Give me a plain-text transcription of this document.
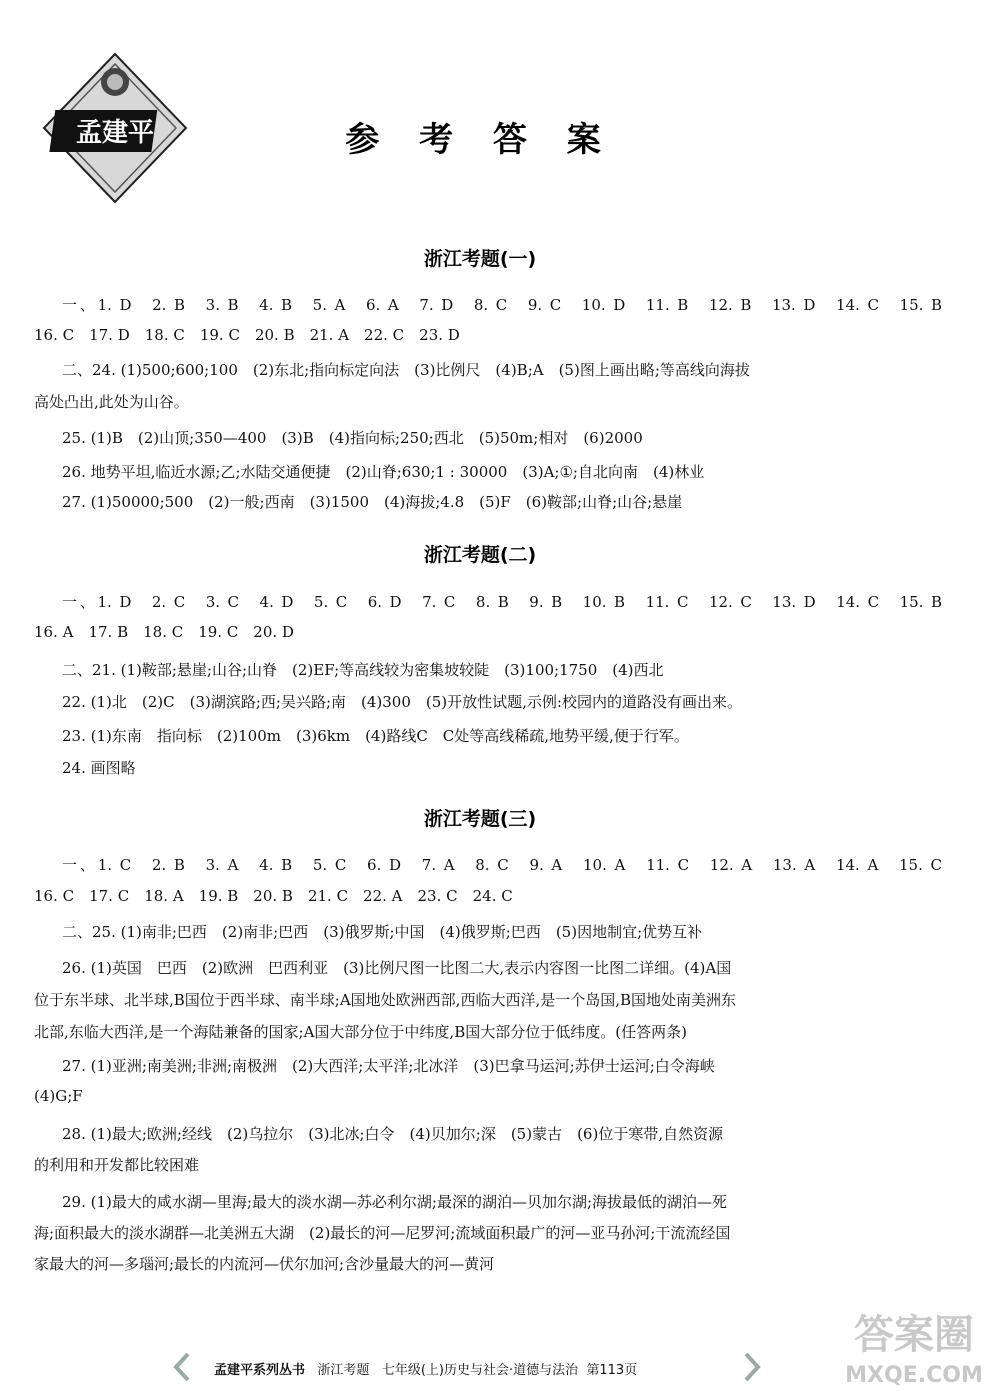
孟建平	参 考 答 案
浙江考题(一)
一、1. D　2. B　3. B　4. B　5. A　6. A　7. D　8. C　9. C　10. D　11. B　12. B　13. D　14. C　15. B
16. C　17. D　18. C　19. C　20. B　21. A　22. C　23. D
二、24. (1)500;600;100　(2)东北;指向标定向法　(3)比例尺　(4)B;A　(5)图上画出略;等高线向海拔
高处凸出,此处为山谷。
25. (1)B　(2)山顶;350—400　(3)B　(4)指向标;250;西北　(5)50m;相对　(6)2000
26. 地势平坦,临近水源;乙;水陆交通便捷　(2)山脊;630;1 : 30000　(3)A;①;自北向南　(4)林业
27. (1)50000;500　(2)一般;西南　(3)1500　(4)海拔;4.8　(5)F　(6)鞍部;山脊;山谷;悬崖
浙江考题(二)
一、1. D　2. C　3. C　4. D　5. C　6. D　7. C　8. B　9. B　10. B　11. C　12. C　13. D　14. C　15. B
16. A　17. B　18. C　19. C　20. D
二、21. (1)鞍部;悬崖;山谷;山脊　(2)EF;等高线较为密集坡较陡　(3)100;1750　(4)西北
22. (1)北　(2)C　(3)湖滨路;西;吴兴路;南　(4)300　(5)开放性试题,示例:校园内的道路没有画出来。
23. (1)东南　指向标　(2)100m　(3)6km　(4)路线C　C处等高线稀疏,地势平缓,便于行军。
24. 画图略
浙江考题(三)
一、1. C　2. B　3. A　4. B　5. C　6. D　7. A　8. C　9. A　10. A　11. C　12. A　13. A　14. A　15. C
16. C　17. C　18. A　19. B　20. B　21. C　22. A　23. C　24. C
二、25. (1)南非;巴西　(2)南非;巴西　(3)俄罗斯;中国　(4)俄罗斯;巴西　(5)因地制宜;优势互补
26. (1)英国　巴西　(2)欧洲　巴西利亚　(3)比例尺图一比图二大,表示内容图一比图二详细。(4)A国
位于东半球、北半球,B国位于西半球、南半球;A国地处欧洲西部,西临大西洋,是一个岛国,B国地处南美洲东
北部,东临大西洋,是一个海陆兼备的国家;A国大部分位于中纬度,B国大部分位于低纬度。(任答两条)
27. (1)亚洲;南美洲;非洲;南极洲　(2)大西洋;太平洋;北冰洋　(3)巴拿马运河;苏伊士运河;白令海峡
(4)G;F
28. (1)最大;欧洲;经线　(2)乌拉尔　(3)北冰;白令　(4)贝加尔;深　(5)蒙古　(6)位于寒带,自然资源
的利用和开发都比较困难
29. (1)最大的咸水湖—里海;最大的淡水湖—苏必利尔湖;最深的湖泊—贝加尔湖;海拔最低的湖泊—死
海;面积最大的淡水湖群—北美洲五大湖　(2)最长的河—尼罗河;流域面积最广的河—亚马孙河;干流流经国
家最大的河—多瑙河;最长的内流河—伏尔加河;含沙量最大的河—黄河
孟建平系列丛书 浙江考题 七年级(上)历史与社会·道德与法治 第113页
答案圈
MXQE.COM
